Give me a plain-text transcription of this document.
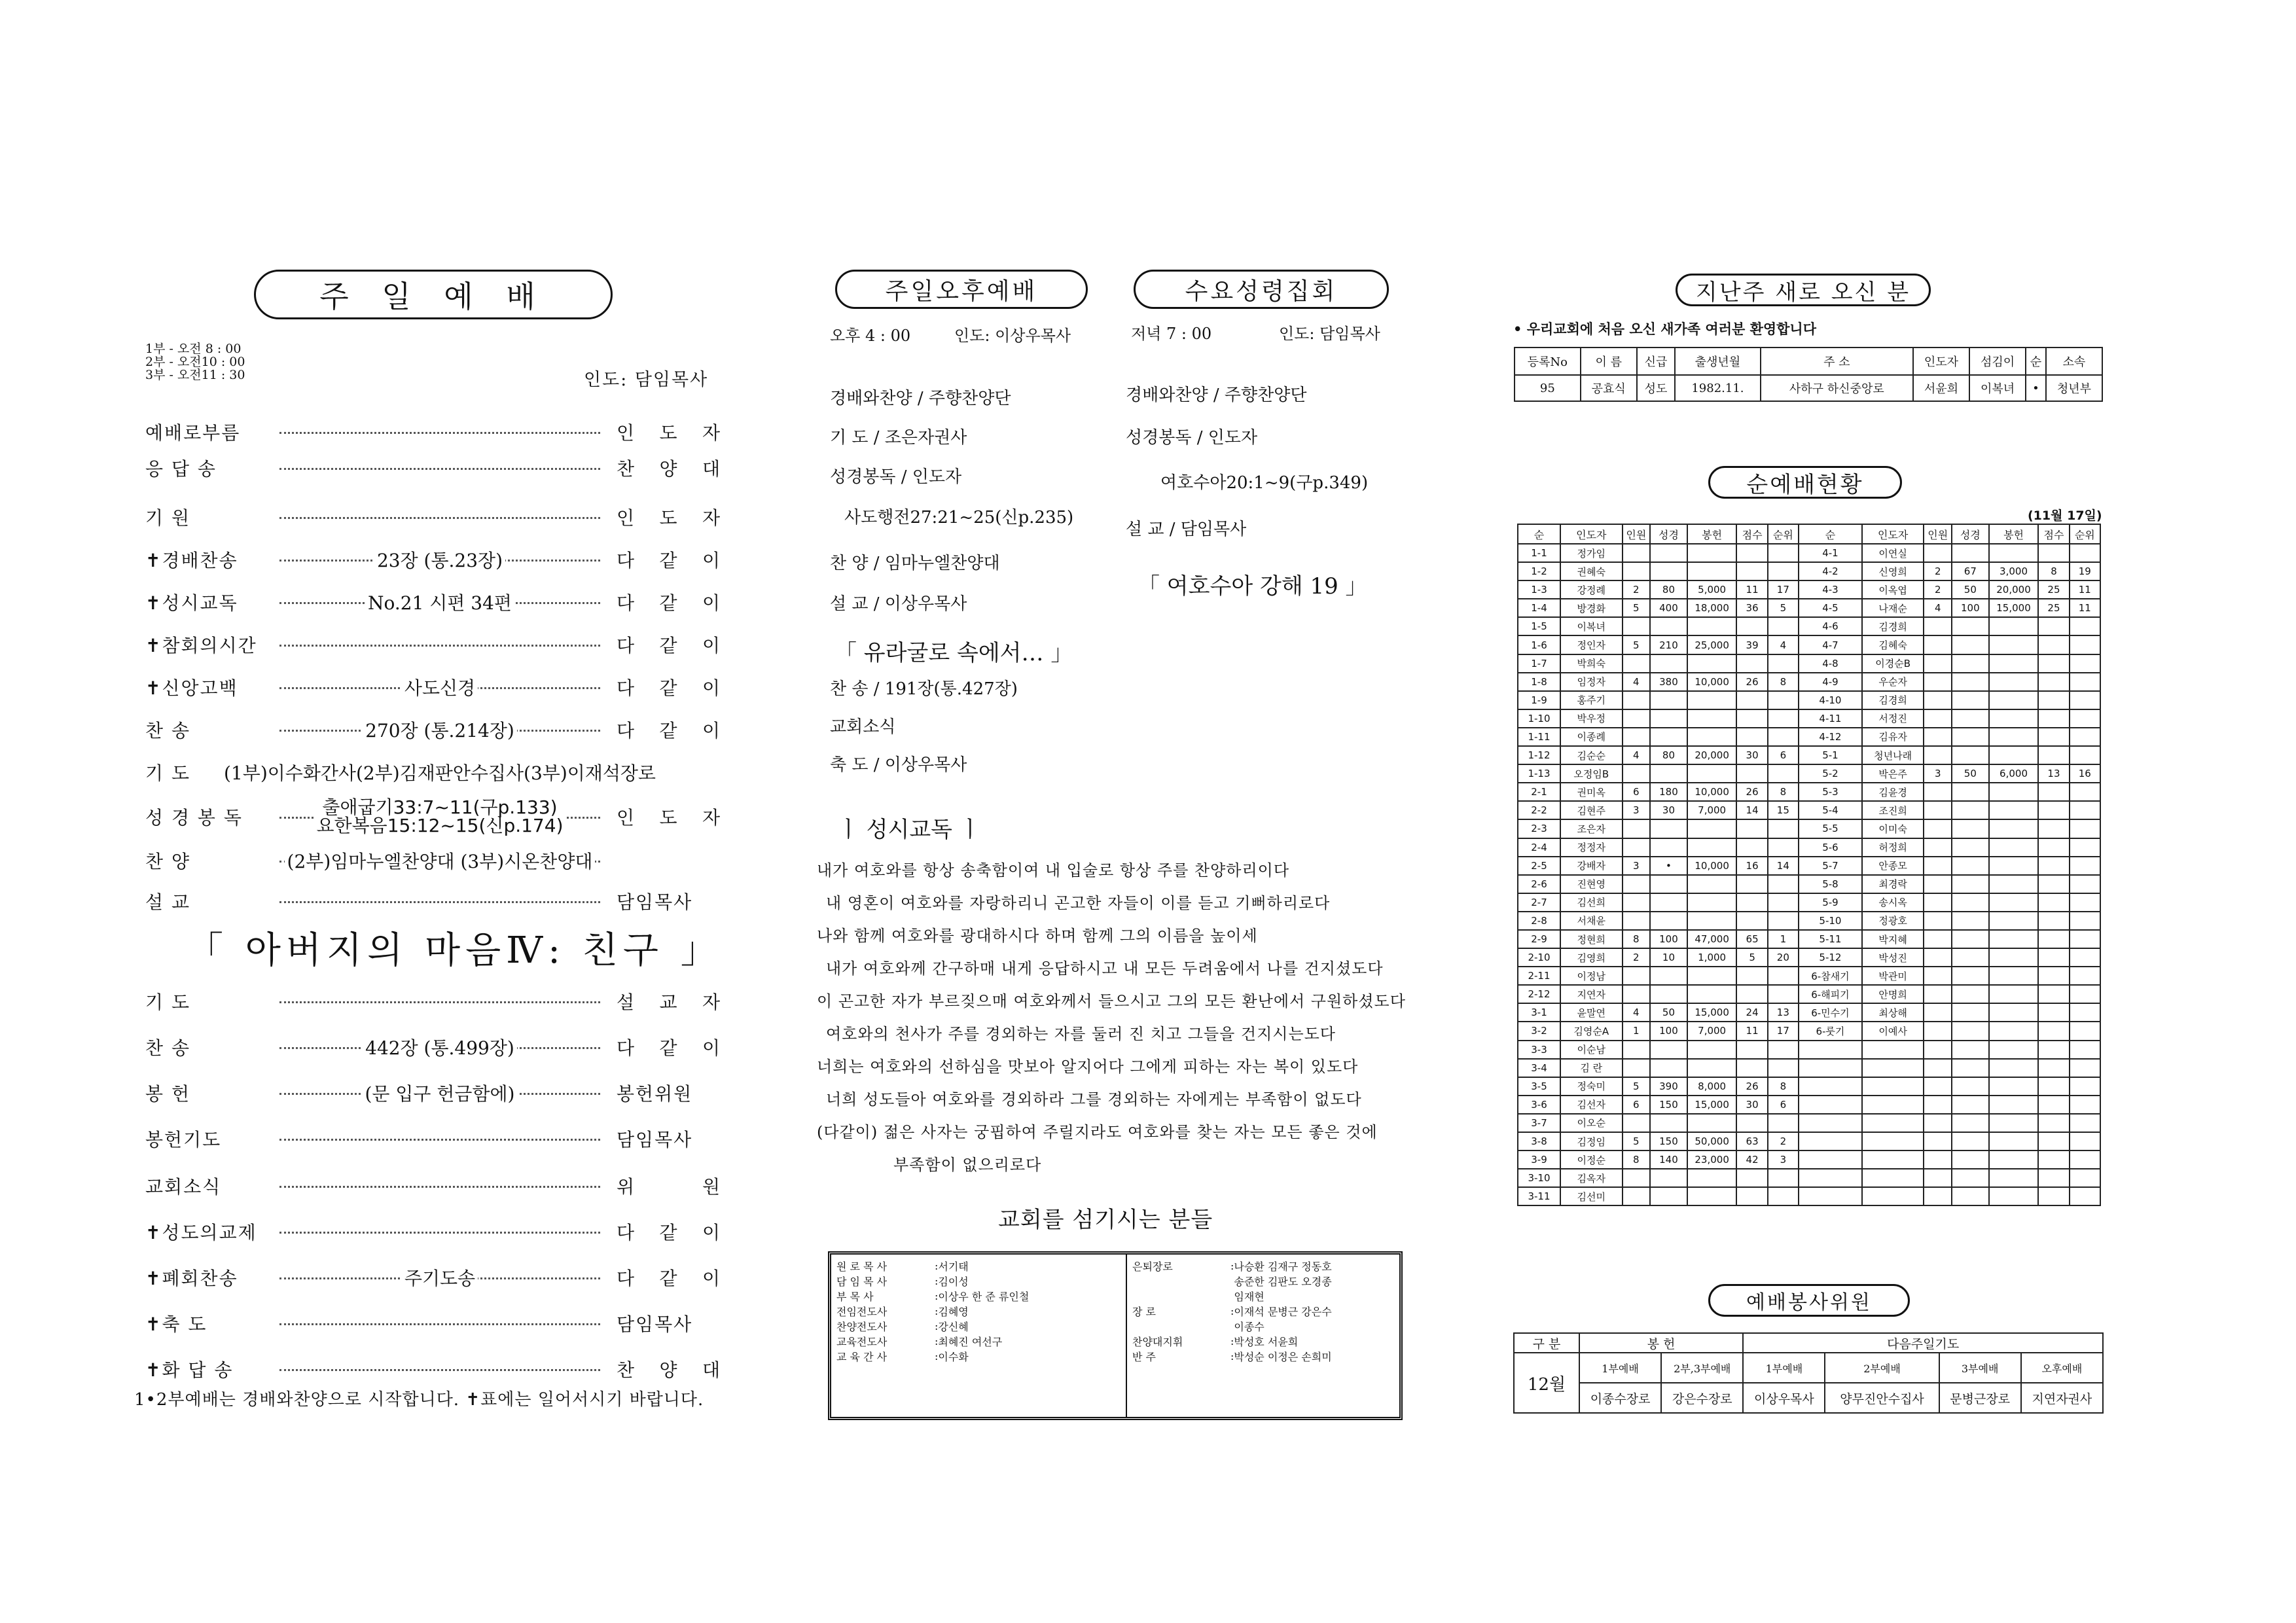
주 일 예 배
1부 - 오전 8 : 00
2부 - 오전10 : 00
3부 - 오전11 : 30	인도: 담임목사
예배로부름	인 도 자
응 답 송	찬 양 대
기 원	인 도 자
✝경배찬송	23장 (통.23장)	다 같 이
✝성시교독	No.21 시편 34편	다 같 이
✝참회의시간	다 같 이
✝신앙고백	사도신경	다 같 이
찬 송	270장 (통.214장)	다 같 이
기 도	(1부)이수화간사(2부)김재판안수집사(3부)이재석장로
성 경 봉 독	출애굽기33:7~11(구p.133)
요한복음15:12~15(신p.174)	인 도 자
찬 양	(2부)임마누엘찬양대 (3부)시온찬양대
설 교	담임목사
「 아버지의 마음Ⅳ: 친구 」
기 도	설 교 자
찬 송	442장 (통.499장)	다 같 이
봉 헌	(문 입구 헌금함에)	봉헌위원
봉헌기도	담임목사
교회소식	위 원
✝성도의교제	다 같 이
✝폐회찬송	주기도송	다 같 이
✝축 도	담임목사
✝화 답 송	찬 양 대
1•2부예배는 경배와찬양으로 시작합니다. ✝표에는 일어서시기 바랍니다.
주일오후예배	수요성령집회
오후 4 : 00	인도: 이상우목사	저녁 7 : 00	인도: 담임목사
경배와찬양 / 주향찬양단
기 도 / 조은자권사
성경봉독 / 인도자
사도행전27:21~25(신p.235)
찬 양 / 임마누엘찬양대
설 교 / 이상우목사
「 유라굴로 속에서… 」
찬 송 / 191장(통.427장)
교회소식
축 도 / 이상우목사
경배와찬양 / 주향찬양단
성경봉독 / 인도자
여호수아20:1~9(구p.349)
설 교 / 담임목사
「 여호수아 강해 19 」
ㅣ 성시교독 ㅣ
내가 여호와를 항상 송축함이여 내 입술로 항상 주를 찬양하리이다
내 영혼이 여호와를 자랑하리니 곤고한 자들이 이를 듣고 기뻐하리로다
나와 함께 여호와를 광대하시다 하며 함께 그의 이름을 높이세
내가 여호와께 간구하매 내게 응답하시고 내 모든 두려움에서 나를 건지셨도다
이 곤고한 자가 부르짖으매 여호와께서 들으시고 그의 모든 환난에서 구원하셨도다
여호와의 천사가 주를 경외하는 자를 둘러 진 치고 그들을 건지시는도다
너희는 여호와의 선하심을 맛보아 알지어다 그에게 피하는 자는 복이 있도다
너희 성도들아 여호와를 경외하라 그를 경외하는 자에게는 부족함이 없도다
(다같이) 젊은 사자는 궁핍하여 주릴지라도 여호와를 찾는 자는 모든 좋은 것에
부족함이 없으리로다
교회를 섬기시는 분들
원 로 목 사	:	서기태
담 임 목 사	:	김이성
부 목 사	:	이상우 한 준 류인철
전임전도사	:	김혜영
찬양전도사	:	강신혜
교육전도사	:	최혜진 여선구
교 육 간 사	:	이수화
은퇴장로	:	나승환 김재구 정동호
		송준한 김판도 오경종
		임재현
장 로	:	이재석 문병근 강은수
		이종수
찬양대지휘	:	박성호 서윤희
반 주	:	박성순 이정은 손희미
지난주 새로 오신 분
• 우리교회에 처음 오신 새가족 여러분 환영합니다
등록No	이 름	신급	출생년월	주 소	인도자	섬김이	순	소속
95	공효식	성도	1982.11.	사하구 하신중앙로	서윤희	이복녀	•	청년부
순예배현황
(11월 17일)
순	인도자	인원	성경	봉헌	점수	순위	순	인도자	인원	성경	봉헌	점수	순위
1-1	정가임						4-1	이연실					
1-2	권혜숙						4-2	신영희	2	67	3,000	8	19
1-3	강정례	2	80	5,000	11	17	4-3	이옥엽	2	50	20,000	25	11
1-4	방경화	5	400	18,000	36	5	4-5	나재순	4	100	15,000	25	11
1-5	이복녀						4-6	김경희					
1-6	정인자	5	210	25,000	39	4	4-7	김혜숙					
1-7	박희숙						4-8	이경순B					
1-8	임정자	4	380	10,000	26	8	4-9	우순자					
1-9	홍주기						4-10	김경희					
1-10	박우정						4-11	서정진					
1-11	이종례						4-12	김유자					
1-12	김순순	4	80	20,000	30	6	5-1	청년나래					
1-13	오정임B						5-2	박은주	3	50	6,000	13	16
2-1	권미옥	6	180	10,000	26	8	5-3	김윤경					
2-2	김현주	3	30	7,000	14	15	5-4	조진희					
2-3	조은자						5-5	이미숙					
2-4	정정자						5-6	허정희					
2-5	강배자	3	•	10,000	16	14	5-7	안종모					
2-6	진현영						5-8	최경락					
2-7	김선희						5-9	송시옥					
2-8	서채윤						5-10	정광호					
2-9	정현희	8	100	47,000	65	1	5-11	박지혜					
2-10	김영희	2	10	1,000	5	20	5-12	박성진					
2-11	이정남						6-참새기	박관미					
2-12	지연자						6-해피기	안명희					
3-1	윤말연	4	50	15,000	24	13	6-민수기	최상해					
3-2	김영순A	1	100	7,000	11	17	6-룻기	이예사					
3-3	이순남												
3-4	김 란												
3-5	정숙미	5	390	8,000	26	8							
3-6	김선자	6	150	15,000	30	6							
3-7	이오순												
3-8	김정임	5	150	50,000	63	2							
3-9	이정순	8	140	23,000	42	3							
3-10	김옥자												
3-11	김선미												
예배봉사위원
구 분	봉 헌		다음주일기도			
12월	1부예배	2부,3부예배	1부예배	2부예배	3부예배	오후예배
	이종수장로	강은수장로	이상우목사	양무진안수집사	문병근장로	지연자권사
